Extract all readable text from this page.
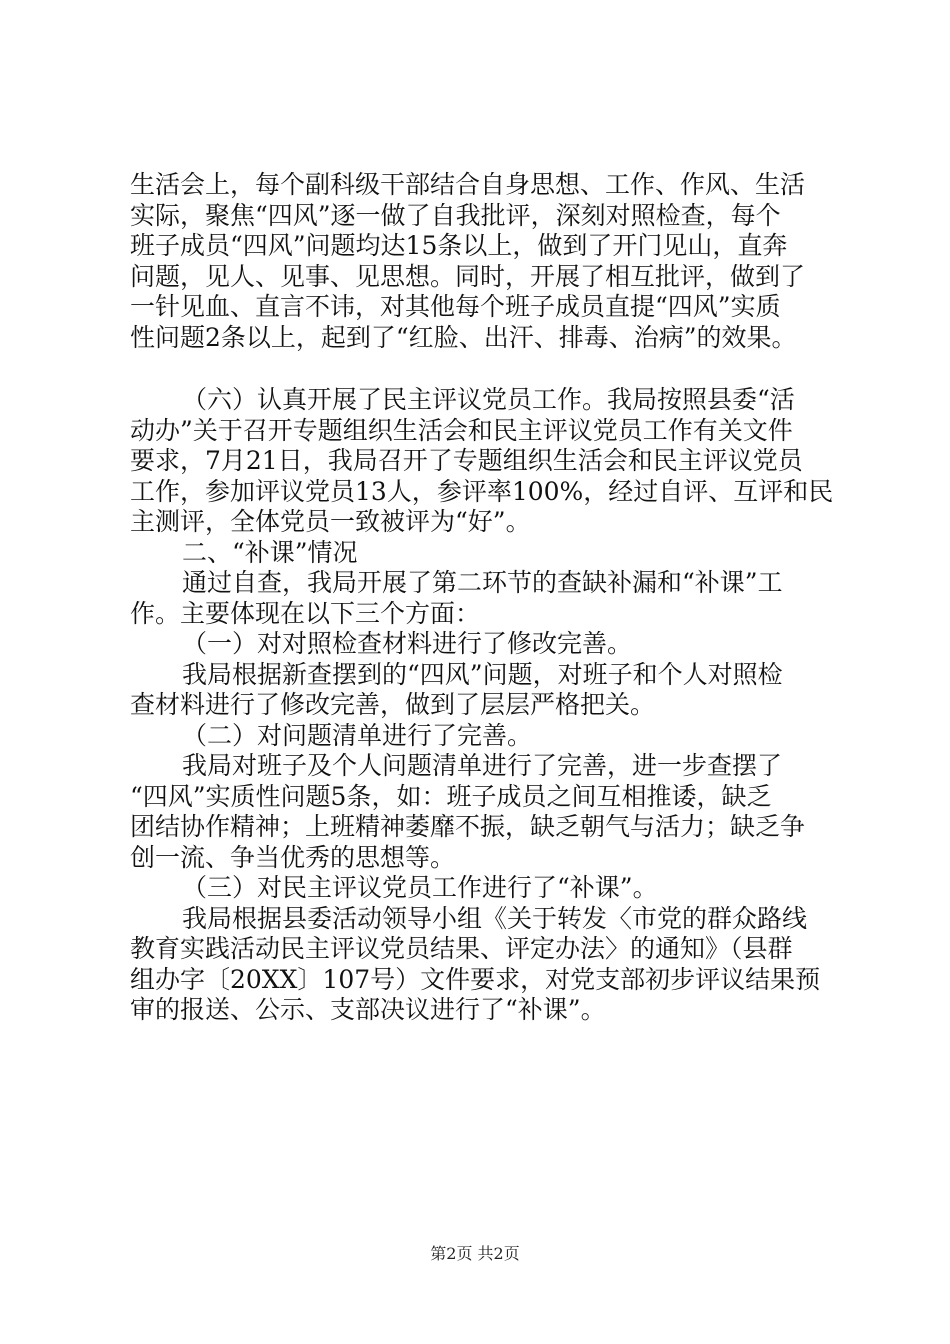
生活会上，每个副科级干部结合自身思想、工作、作风、生活
实际，聚焦“四风”逐一做了自我批评，深刻对照检查，每个
班子成员“四风”问题均达15条以上，做到了开门见山，直奔
问题，见人、见事、见思想。同时，开展了相互批评，做到了
一针见血、直言不讳，对其他每个班子成员直提“四风”实质
性问题2条以上，起到了“红脸、出汗、排毒、治病”的效果。
（六）认真开展了民主评议党员工作。我局按照县委“活
动办”关于召开专题组织生活会和民主评议党员工作有关文件
要求，7月21日，我局召开了专题组织生活会和民主评议党员
工作，参加评议党员13人，参评率100%，经过自评、互评和民
主测评，全体党员一致被评为“好”。
二、“补课”情况
通过自查，我局开展了第二环节的查缺补漏和“补课”工
作。主要体现在以下三个方面：
（一）对对照检查材料进行了修改完善。
我局根据新查摆到的“四风”问题，对班子和个人对照检
查材料进行了修改完善，做到了层层严格把关。
（二）对问题清单进行了完善。
我局对班子及个人问题清单进行了完善，进一步查摆了
“四风”实质性问题5条，如：班子成员之间互相推诿，缺乏
团结协作精神；上班精神萎靡不振，缺乏朝气与活力；缺乏争
创一流、争当优秀的思想等。
（三）对民主评议党员工作进行了“补课”。
我局根据县委活动领导小组《关于转发〈市党的群众路线
教育实践活动民主评议党员结果、评定办法〉的通知》（县群
组办字〔20XX〕107号）文件要求，对党支部初步评议结果预
审的报送、公示、支部决议进行了“补课”。
第2页 共2页
